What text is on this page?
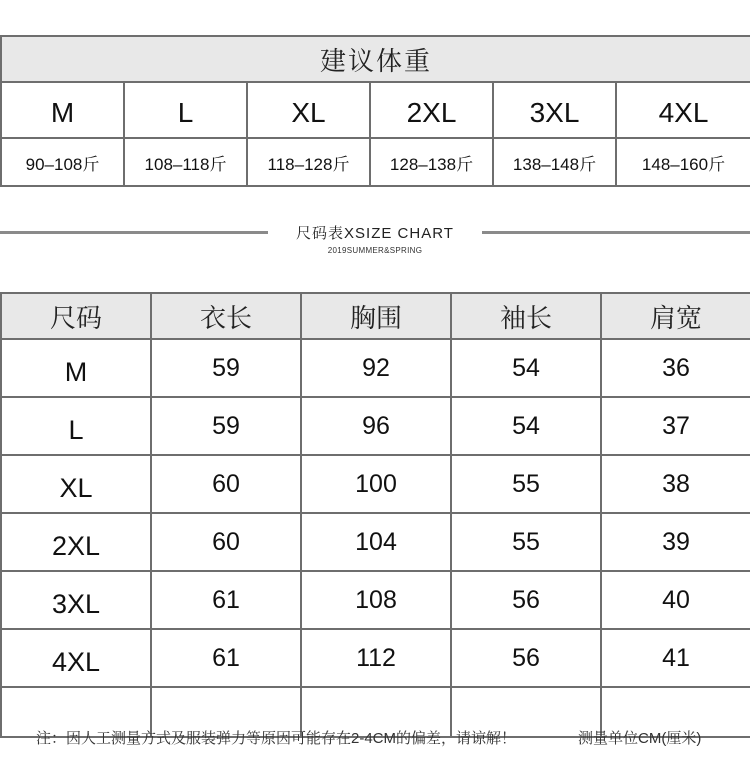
建议体重					
M	L	XL	2XL	3XL	4XL
90–108斤	108–118斤	118–128斤	128–138斤	138–148斤	148–160斤
尺码表XSIZE CHART
2019SUMMER&SPRING
尺码	衣长	胸围	袖长	肩宽
M	59	92	54	36
L	59	96	54	37
XL	60	100	55	38
2XL	60	104	55	39
3XL	61	108	56	40
4XL	61	112	56	41

注：因人工测量方式及服装弹力等原因可能存在2-4CM的偏差，请谅解！	测量单位CM(厘米)
